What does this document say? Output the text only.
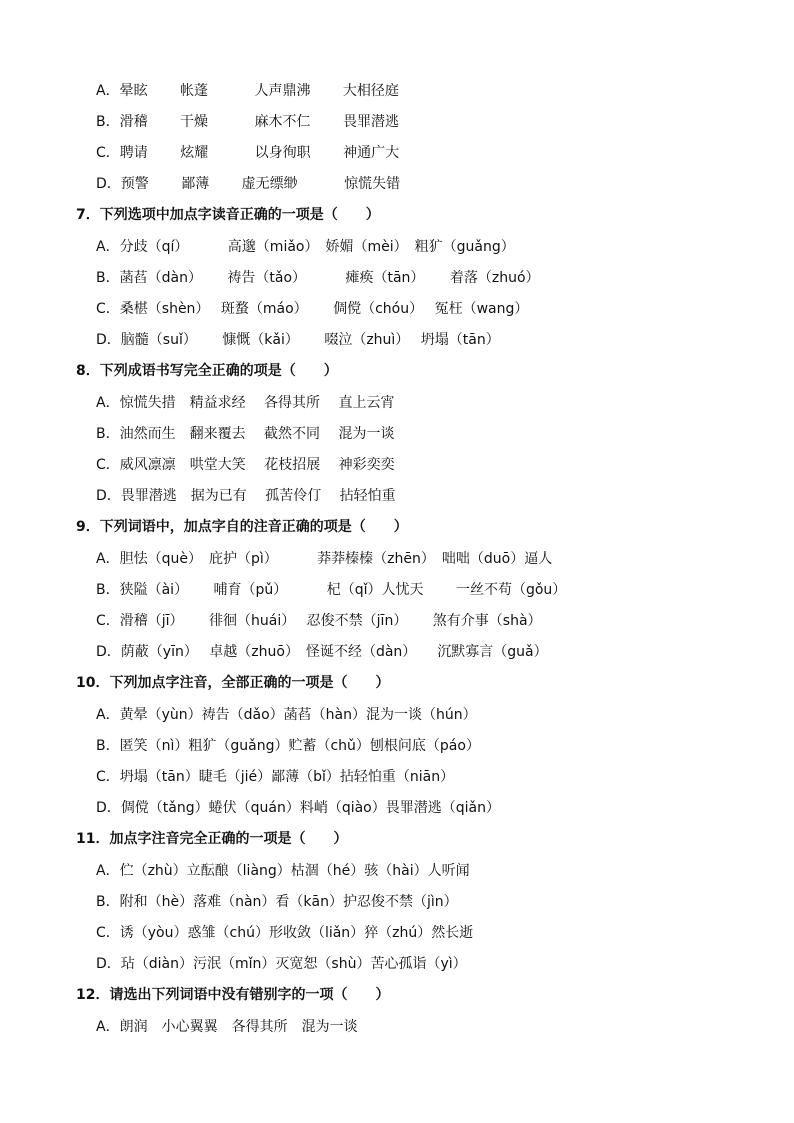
A．晕眩　　 帐蓬　　 　人声鼎沸　　 大相径庭
B．滑稽　　 干燥　　 　麻木不仁　　 畏罪潜逃
C．聘请　　 炫耀　　 　以身徇职　　 神通广大
D．预警　　 鄙薄　　 虚无缥缈　　 　惊慌失错
7．下列选项中加点字读音正确的一项是（　　）
A．分歧（qí）　　 　高邈（miǎo）　娇媚（mèi）　粗犷（guǎng）
B．菡萏（dàn）　 　祷告（tǎo）　 　　瘫痪（tān）　 　着落（zhuó）
C．桑椹（shèn）　 斑蝥（máo）　 　倜傥（chóu）　 冤枉（wang）
D．脑髓（suǐ）　 　慷慨（kǎi）　　 啜泣（zhuì）　 坍塌（tān）
8．下列成语书写完全正确的项是（　　）
A．惊慌失措　精益求经　 各得其所　 直上云宵
B．油然而生　翻来覆去　 截然不同　 混为一谈
C．威风凛凛　哄堂大笑　 花枝招展　 神彩奕奕
D．畏罪潜逃　据为已有　 孤苦伶仃　 拈轻怕重
9．下列词语中，加点字自的注音正确的项是（　　）
A．胆怯（què）　庇护（pì）　　 　莽莽榛榛（zhēn）　咄咄（duō）逼人
B．狭隘（ài）　　 哺育（pǔ）　　 　杞（qǐ）人忧天　　 一丝不苟（gǒu）
C．滑稽（jī）　　 徘徊（huái）　 忍俊不禁（jīn）　　 煞有介事（shà）
D．荫蔽（yīn）　 卓越（zhuō）　怪诞不经（dàn）　　沉默寡言（guǎ）
10．下列加点字注音，全部正确的一项是（　　）
A．黄晕（yùn）祷告（dǎo）菡萏（hàn）混为一谈（hún）
B．匿笑（nì）粗犷（guǎng）贮蓄（chǔ）刨根问底（páo）
C．坍塌（tān）睫毛（jié）鄙薄（bǐ）拈轻怕重（niān）
D．倜傥（tǎng）蜷伏（quán）料峭（qiào）畏罪潜逃（qiǎn）
11．加点字注音完全正确的一项是（　　）
A．伫（zhù）立酝酿（liàng）枯涸（hé）骇（hài）人听闻
B．附和（hè）落难（nàn）看（kān）护忍俊不禁（jìn）
C．诱（yòu）惑雏（chú）形收敛（liǎn）猝（zhú）然长逝
D．玷（diàn）污泯（mǐn）灭宽恕（shù）苦心孤诣（yì）
12．请选出下列词语中没有错别字的一项（　　）
A．朗润　小心翼翼　各得其所　混为一谈
